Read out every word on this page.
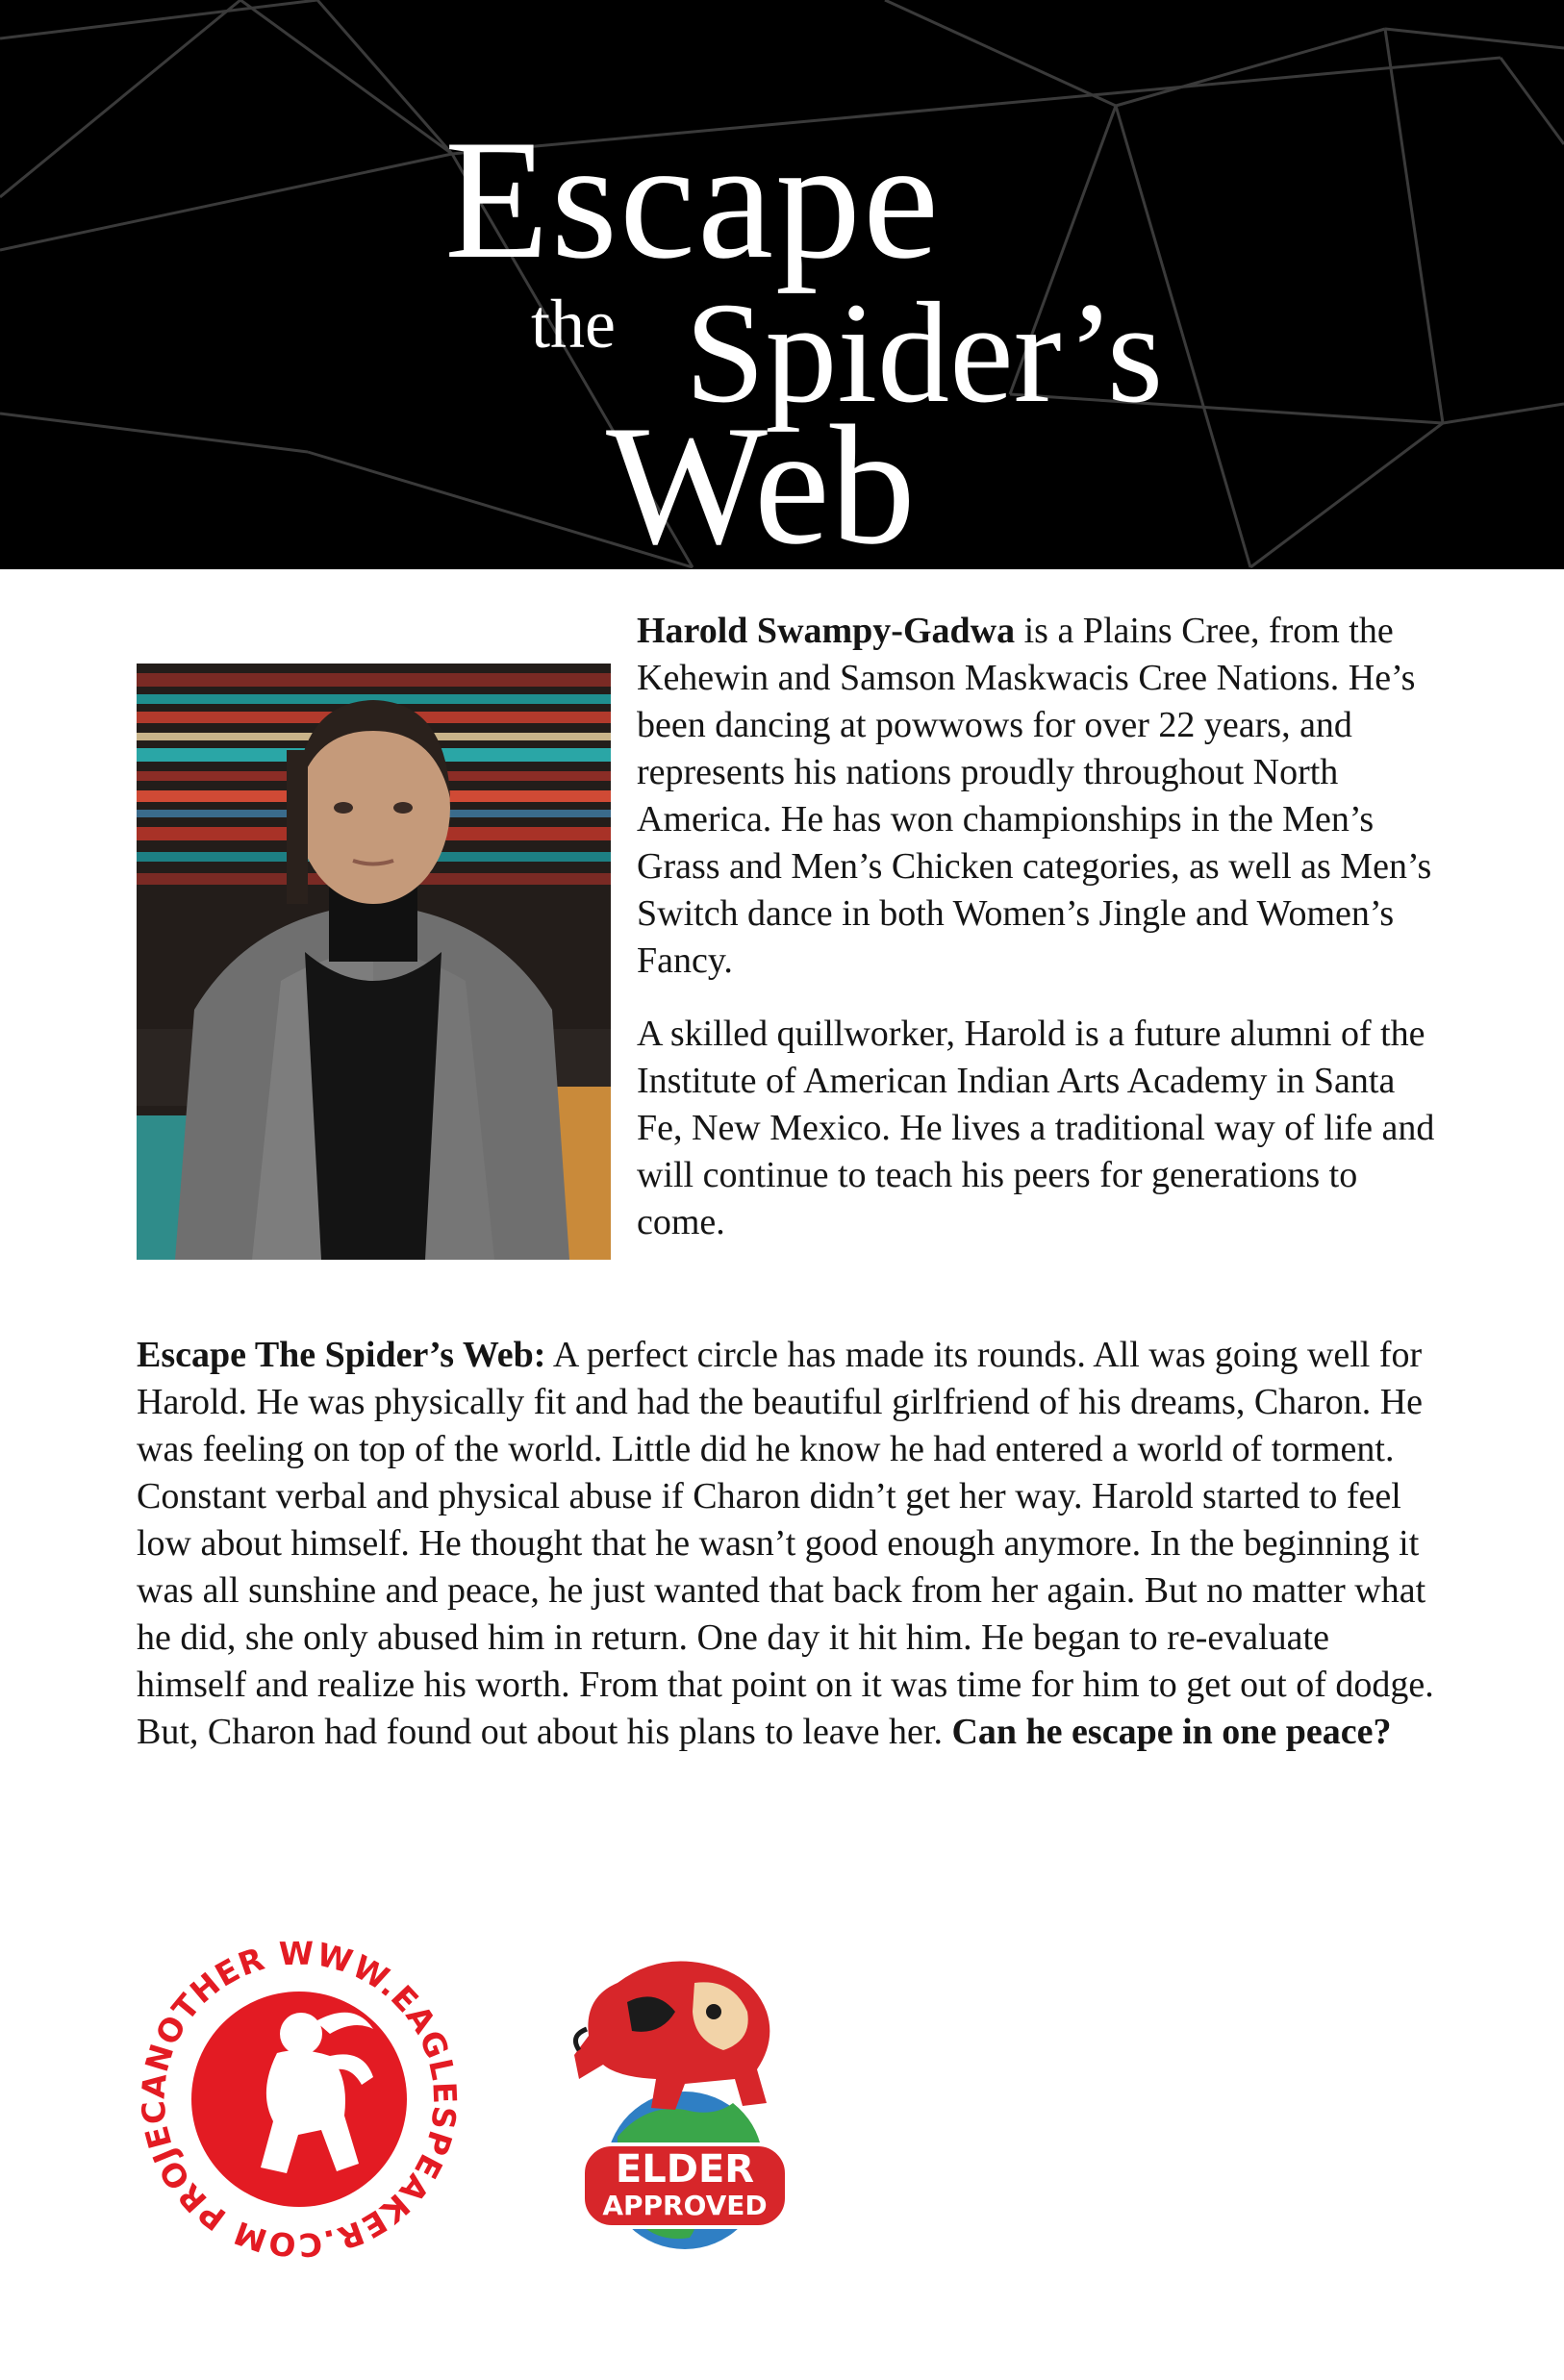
Escape
the Spider’s
Web

Harold Swampy-Gadwa is a Plains Cree, from the Kehewin and Samson Maskwacis Cree Nations. He’s been dancing at powwows for over 22 years, and represents his nations proudly throughout North America. He has won championships in the Men’s Grass and Men’s Chicken categories, as well as Men’s Switch dance in both Women’s Jingle and Women’s Fancy.

A skilled quillworker, Harold is a future alumni of the Institute of American Indian Arts Academy in Santa Fe, New Mexico. He lives a traditional way of life and will continue to teach his peers for generations to come.

Escape The Spider’s Web: A perfect circle has made its rounds. All was going well for Harold. He was physically fit and had the beautiful girlfriend of his dreams, Charon. He was feeling on top of the world. Little did he know he had entered a world of torment. Constant verbal and physical abuse if Charon didn’t get her way. Harold started to feel low about himself. He thought that he wasn’t good enough anymore. In the beginning it was all sunshine and peace, he just wanted that back from her again. But no matter what he did, she only abused him in return. One day it hit him. He began to re-evaluate himself and realize his worth. From that point on it was time for him to get out of dodge. But, Charon had found out about his plans to leave her. Can he escape in one peace?
ANOTHER WWW.EAGLESPEAKER.COM PROJEC
ELDER
APPROVED
